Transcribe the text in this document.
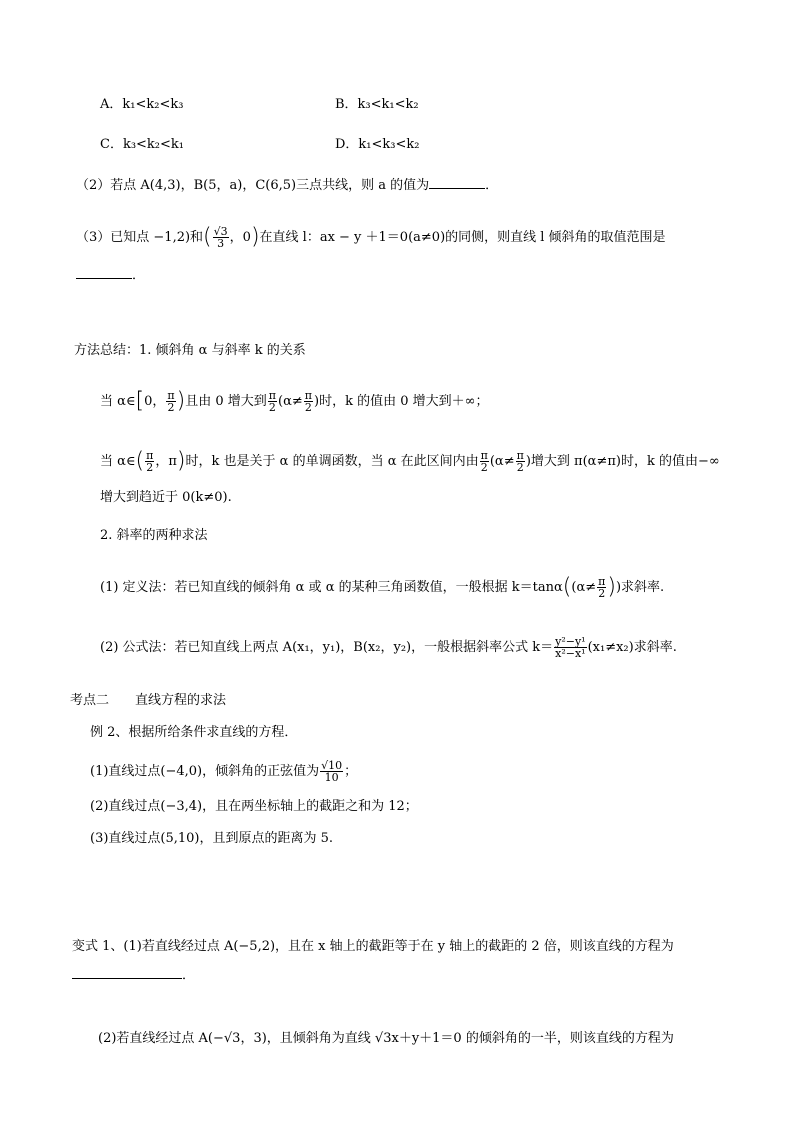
A．k₁<k₂<k₃	B．k₃<k₁<k₂
C．k₃<k₂<k₁	D．k₁<k₃<k₂
（2）若点 A(4,3)，B(5，a)，C(6,5)三点共线，则 a 的值为	．
（3）已知点 −1,2)和( $\frac{√3}{3}$ ，0)在直线 l：ax − y ＋1＝0(a≠0)的同侧，则直线 l 倾斜角的取值范围是
．
方法总结：1. 倾斜角 α 与斜率 k 的关系
当 α∈[0， $\frac{\pi}{2}$ )且由 0 增大到 $\frac{\pi}{2} (\alpha\ne \frac{\pi}{2}$ )时，k 的值由 0 增大到＋∞；
当 α∈( $\frac{\pi}{2}$ ，π)时，k 也是关于 α 的单调函数，当 α 在此区间内由 $\frac{\pi}{2} (\alpha\ne \frac{\pi}{2}$ )增大到 π(α≠π)时，k 的值由−∞
增大到趋近于 0(k≠0).
2. 斜率的两种求法
(1) 定义法：若已知直线的倾斜角 α 或 α 的某种三角函数值，一般根据 $k=\tan\alpha((\alpha\ne \frac{\pi}{2}$ ))求斜率.
(2) 公式法：若已知直线上两点 A(x₁，y₁)，B(x₂，y₂)，一般根据斜率公式 $k= \frac{\text{y²−y¹}}{\text{x²−x¹}} (x_1\ne x_2)$求斜率.
考点二　　直线方程的求法
例 2、根据所给条件求直线的方程．
(1)直线过点(−4,0)，倾斜角的正弦值为 $\frac{√10}{10}$ ；
(2)直线过点(−3,4)，且在两坐标轴上的截距之和为 12；
(3)直线过点(5,10)，且到原点的距离为 5.
变式 1、(1)若直线经过点 A(−5,2)，且在 x 轴上的截距等于在 y 轴上的截距的 2 倍，则该直线的方程为
．
(2)若直线经过点 A(−√3，3)，且倾斜角为直线 √3x＋y＋1＝0 的倾斜角的一半，则该直线的方程为
